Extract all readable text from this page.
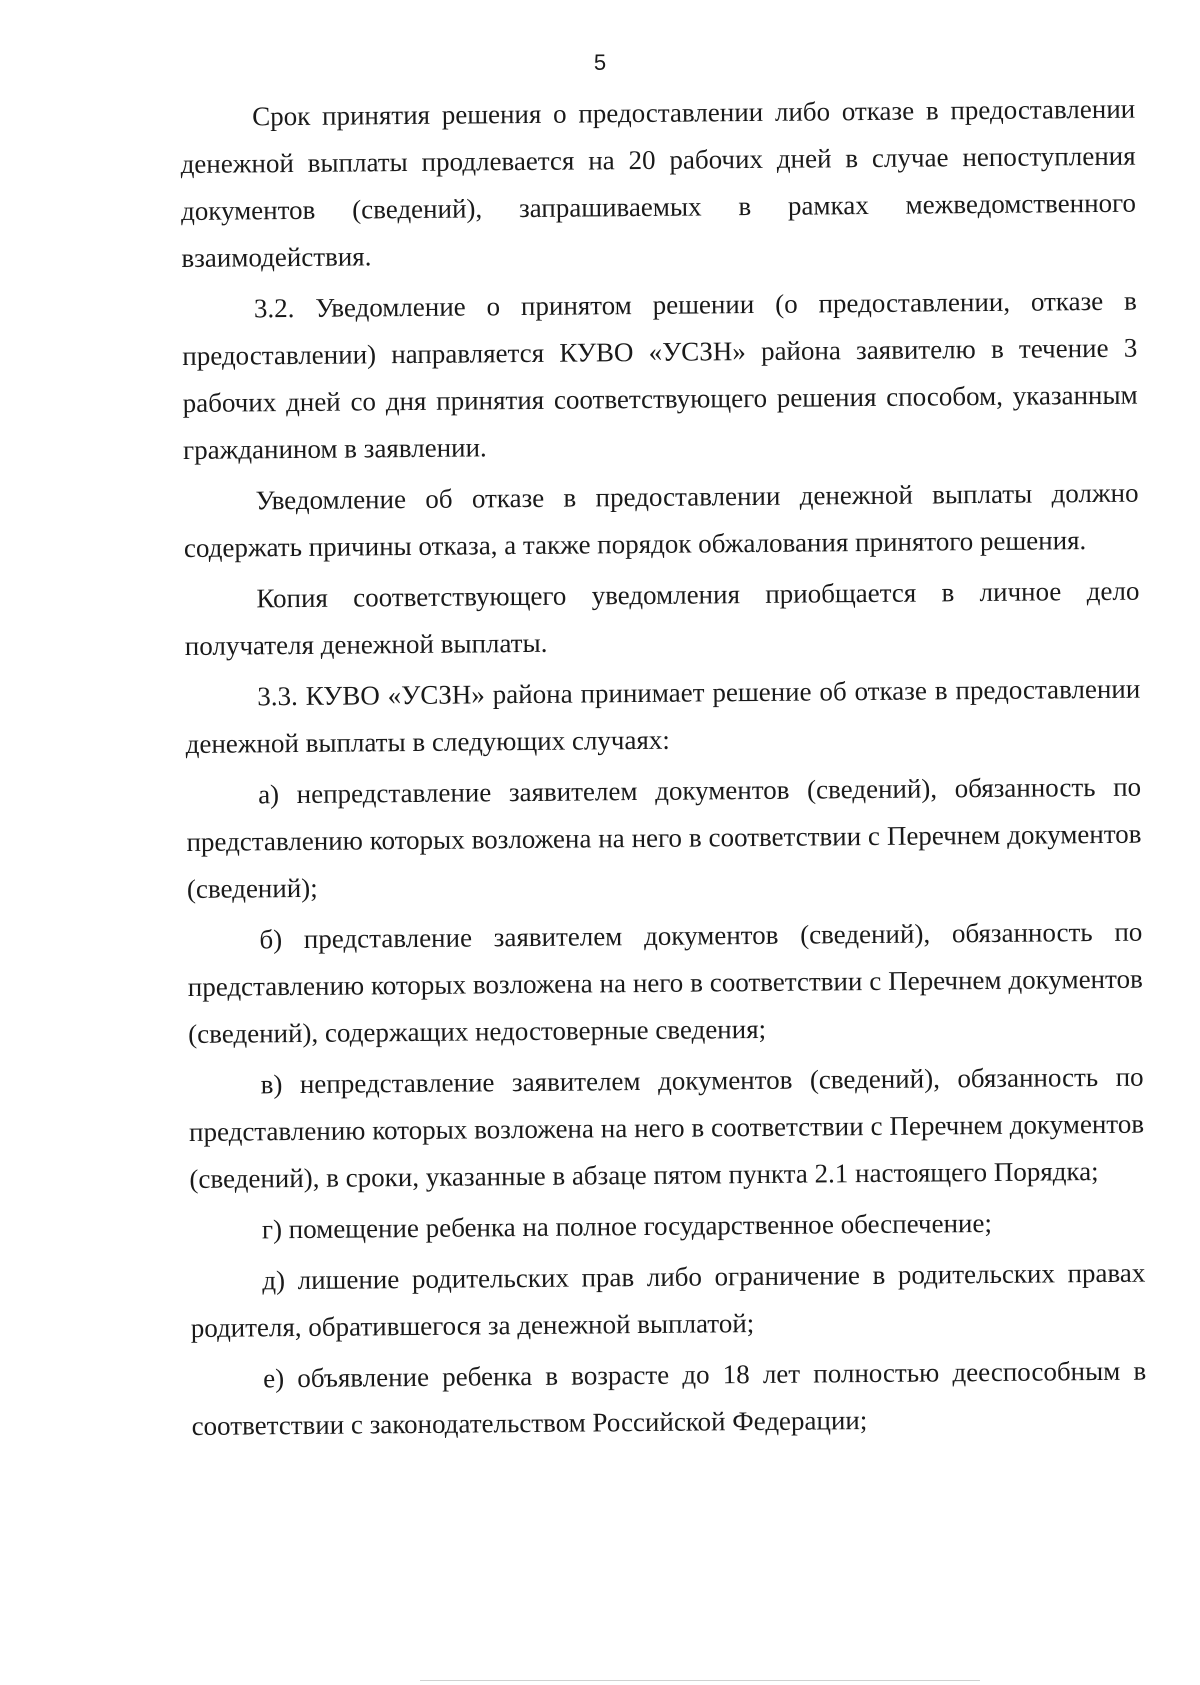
5

Срок принятия решения о предоставлении либо отказе в предоставлении денежной выплаты продлевается на 20 рабочих дней в случае непоступления документов (сведений), запрашиваемых в рамках межведомственного взаимодействия.

3.2. Уведомление о принятом решении (о предоставлении, отказе в предоставлении) направляется КУВО «УСЗН» района заявителю в течение 3 рабочих дней со дня принятия соответствующего решения способом, указанным гражданином в заявлении.

Уведомление об отказе в предоставлении денежной выплаты должно содержать причины отказа, а также порядок обжалования принятого решения.

Копия соответствующего уведомления приобщается в личное дело получателя денежной выплаты.

3.3. КУВО «УСЗН» района принимает решение об отказе в предоставлении денежной выплаты в следующих случаях:

а) непредставление заявителем документов (сведений), обязанность по представлению которых возложена на него в соответствии с Перечнем документов (сведений);

б) представление заявителем документов (сведений), обязанность по представлению которых возложена на него в соответствии с Перечнем документов (сведений), содержащих недостоверные сведения;

в) непредставление заявителем документов (сведений), обязанность по представлению которых возложена на него в соответствии с Перечнем документов (сведений), в сроки, указанные в абзаце пятом пункта 2.1 настоящего Порядка;

г) помещение ребенка на полное государственное обеспечение;

д) лишение родительских прав либо ограничение в родительских правах родителя, обратившегося за денежной выплатой;

е) объявление ребенка в возрасте до 18 лет полностью дееспособным в соответствии с законодательством Российской Федерации;
